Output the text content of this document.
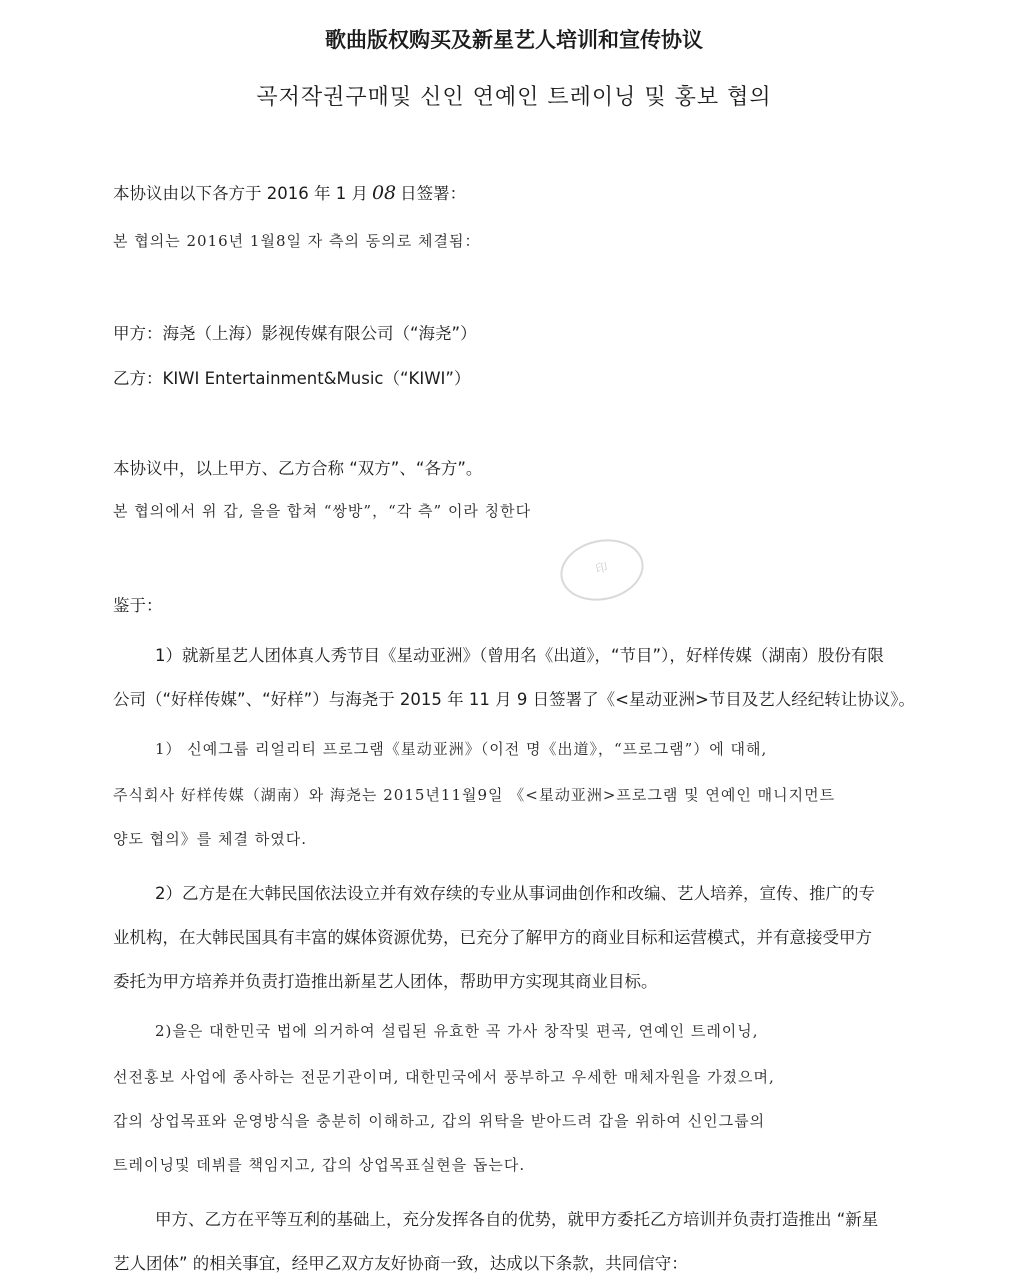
歌曲版权购买及新星艺人培训和宣传协议
곡저작권구매및 신인 연예인 트레이닝 및 홍보 협의
本协议由以下各方于 2016 年 1 月 08 日签署：
본 협의는 2016년 1월8일 자 측의 동의로 체결됨：
甲方：海尧（上海）影视传媒有限公司（“海尧”）
乙方：KIWI Entertainment&Music（“KIWI”）
本协议中，以上甲方、乙方合称 “双方”、“各方”。
본 협의에서 위 갑, 을을 합쳐 “쌍방”，“각 측” 이라 칭한다
印
鉴于：
1）就新星艺人团体真人秀节目《星动亚洲》（曾用名《出道》，“节目”），好样传媒（湖南）股份有限
公司（“好样传媒”、“好样”）与海尧于 2015 年 11 月 9 日签署了《<星动亚洲>节目及艺人经纪转让协议》。
1） 신예그룹 리얼리티 프로그램《星动亚洲》（이전 명《出道》，“프로그램”）에 대해,
주식회사 好样传媒（湖南）와 海尧는 2015년11월9일 《<星动亚洲>프로그램 및 연예인 매니지먼트
양도 협의》를 체결 하였다.
2）乙方是在大韩民国依法设立并有效存续的专业从事词曲创作和改编、艺人培养，宣传、推广的专
业机构，在大韩民国具有丰富的媒体资源优势，已充分了解甲方的商业目标和运营模式，并有意接受甲方
委托为甲方培养并负责打造推出新星艺人团体，帮助甲方实现其商业目标。
2)을은 대한민국 법에 의거하여 설립된 유효한 곡 가사 창작및 편곡, 연예인 트레이닝,
선전홍보 사업에 종사하는 전문기관이며, 대한민국에서 풍부하고 우세한 매체자원을 가졌으며,
갑의 상업목표와 운영방식을 충분히 이해하고, 갑의 위탁을 받아드려 갑을 위하여 신인그룹의
트레이닝및 데뷔를 책임지고, 갑의 상업목표실현을 돕는다.
甲方、乙方在平等互利的基础上，充分发挥各自的优势，就甲方委托乙方培训并负责打造推出 “新星
艺人团体” 的相关事宜，经甲乙双方友好协商一致，达成以下条款，共同信守：
